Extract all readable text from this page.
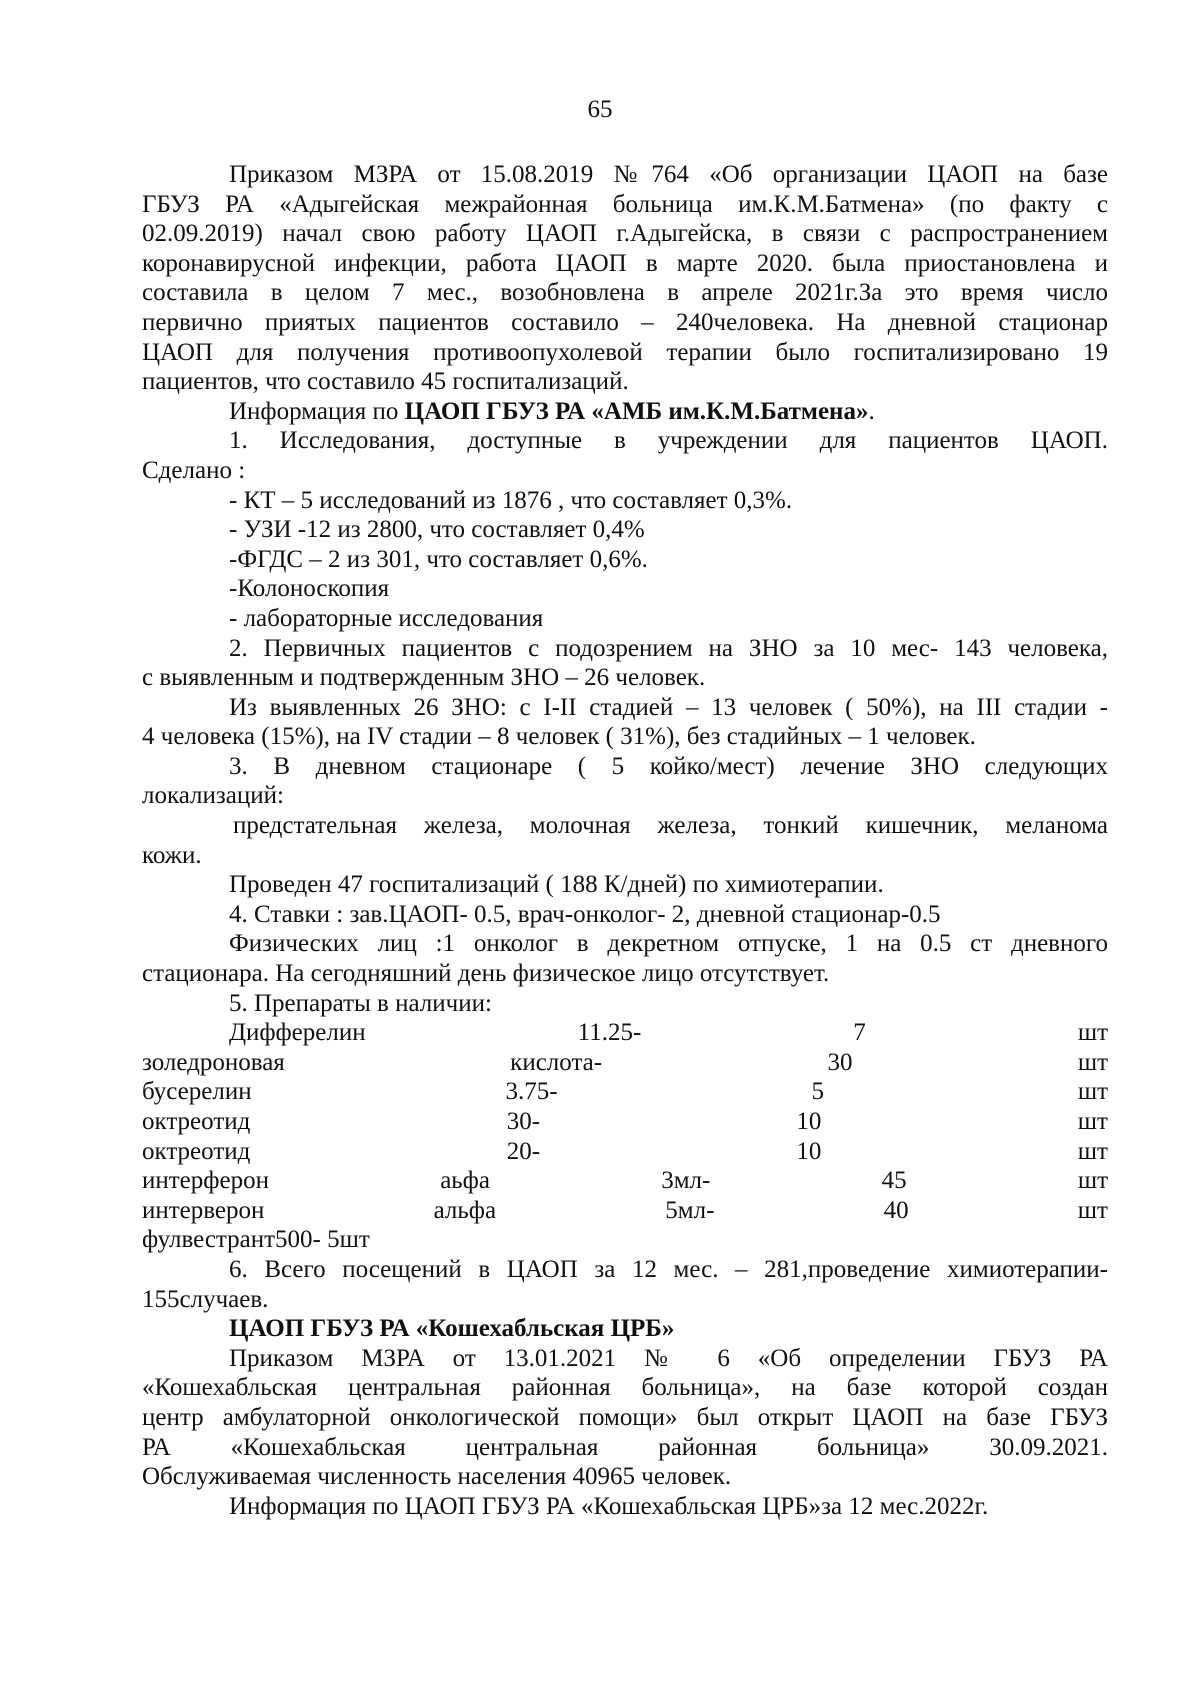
65

Приказом МЗРА от 15.08.2019 №764 «Об организации ЦАОП на базе

ГБУЗ РА «Адыгейская межрайонная больница им.К.М.Батмена» (по факту с

02.09.2019) начал свою работу ЦАОП г.Адыгейска, в связи с распространением

коронавирусной инфекции, работа ЦАОП в марте 2020. была приостановлена и

составила в целом 7 мес., возобновлена в апреле 2021г.За это время число

первично приятых пациентов составило – 240человека. На дневной стационар

ЦАОП для получения противоопухолевой терапии было госпитализировано 19

пациентов, что составило 45 госпитализаций.

Информация по ЦАОП ГБУЗ РА «АМБ им.К.М.Батмена».

1. Исследования, доступные в учреждении для пациентов ЦАОП.

Сделано :

- КТ – 5 исследований из 1876 , что составляет 0,3%.

- УЗИ -12 из 2800, что составляет 0,4%

-ФГДС – 2 из 301, что составляет 0,6%.

-Колоноскопия

- лабораторные исследования

2. Первичных пациентов с подозрением на ЗНО за 10 мес- 143 человека,

с выявленным и подтвержденным ЗНО – 26 человек.

Из выявленных 26 ЗНО: с I-II стадией – 13 человек ( 50%), на III стадии -

4 человека (15%), на IV стадии – 8 человек ( 31%), без стадийных – 1 человек.

3. В дневном стационаре ( 5 койко/мест) лечение ЗНО следующих

локализаций:

предстательная железа, молочная железа, тонкий кишечник, меланома

кожи.

Проведен 47 госпитализаций ( 188 К/дней) по химиотерапии.

4. Ставки : зав.ЦАОП- 0.5, врач-онколог- 2, дневной стационар-0.5

Физических лиц :1 онколог в декретном отпуске, 1 на 0.5 ст дневного

стационара. На сегодняшний день физическое лицо отсутствует.

5. Препараты в наличии:

Дифферелин	11.25-	7	шт
золедроновая	кислота-	30	шт
бусерелин	3.75-	5	шт
октреотид	30-	10	шт
октреотид	20-	10	шт
интерферон	аьфа	3мл-	45	шт
интерверон	альфа	5мл-	40	шт

фулвестрант500- 5шт

6. Всего посещений в ЦАОП за 12 мес. – 281,проведение химиотерапии-

155случаев.

ЦАОП ГБУЗ РА «Кошехабльская ЦРБ»

Приказом МЗРА от 13.01.2021 № 6 «Об определении ГБУЗ РА

«Кошехабльская центральная районная больница», на базе которой создан

центр амбулаторной онкологической помощи» был открыт ЦАОП на базе ГБУЗ

РА «Кошехабльская центральная районная больница» 30.09.2021.

Обслуживаемая численность населения 40965 человек.

Информация по ЦАОП ГБУЗ РА «Кошехабльская ЦРБ»за 12 мес.2022г.
